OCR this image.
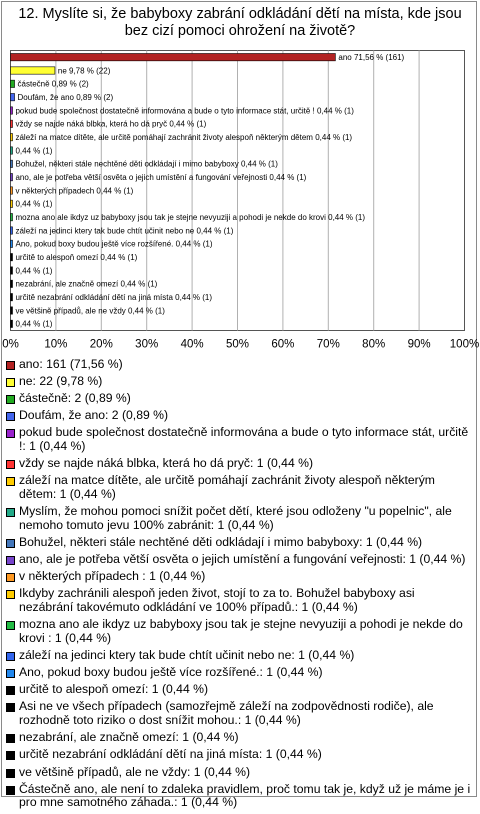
12. Myslíte si, že babyboxy zabrání odkládání dětí na místa, kde jsou
bez cizí pomoci ohrožení na životě?
ano 71,56 % (161)
ne 9,78 % (22)
částečně 0,89 % (2)
Doufám, že ano 0,89 % (2)
pokud bude společnost dostatečně informována a bude o tyto informace stát, určitě ! 0,44 % (1)
vždy se najde náká blbka, která ho dá pryč 0,44 % (1)
záleží na matce dítěte, ale určitě pomáhají zachránit životy alespoň některým dětem 0,44 % (1)
0,44 % (1)
Bohužel, některi stále nechtěné děti odkládají i mimo babyboxy 0,44 % (1)
ano, ale je potřeba větší osvěta o jejich umístění a fungování veřejnosti 0,44 % (1)
v některých případech 0,44 % (1)
0,44 % (1)
mozna ano ale ikdyz uz babyboxy jsou tak je stejne nevyuziji a pohodi je nekde do krovi 0,44 % (1)
záleží na jedinci ktery tak bude chtít učinit nebo ne 0,44 % (1)
Ano, pokud boxy budou ještě více rozšířené. 0,44 % (1)
určitě to alespoň omezí 0,44 % (1)
0,44 % (1)
nezabrání, ale značně omezí 0,44 % (1)
určitě nezabrání odkládání dětí na jiná místa 0,44 % (1)
ve většině případů, ale ne vždy 0,44 % (1)
0,44 % (1)
0% 10% 20% 30% 40% 50% 60% 70% 80% 90% 100%
ano: 161 (71,56 %)
ne: 22 (9,78 %)
částečně: 2 (0,89 %)
Doufám, že ano: 2 (0,89 %)
pokud bude společnost dostatečně informována a bude o tyto informace stát, určitě !: 1 (0,44 %)
vždy se najde náká blbka, která ho dá pryč: 1 (0,44 %)
záleží na matce dítěte, ale určitě pomáhají zachránit životy alespoň některým dětem: 1 (0,44 %)
Myslím, že mohou pomoci snížit počet dětí, které jsou odloženy "u popelnic", ale nemoho tomuto jevu 100% zabránit: 1 (0,44 %)
Bohužel, některi stále nechtěné děti odkládají i mimo babyboxy: 1 (0,44 %)
ano, ale je potřeba větší osvěta o jejich umístění a fungování veřejnosti: 1 (0,44 %)
v některých případech : 1 (0,44 %)
Ikdyby zachránili alespoň jeden život, stojí to za to. Bohužel babyboxy asi nezábrání takovémuto odkládání ve 100% případů.: 1 (0,44 %)
mozna ano ale ikdyz uz babyboxy jsou tak je stejne nevyuziji a pohodi je nekde do krovi : 1 (0,44 %)
záleží na jedinci ktery tak bude chtít učinit nebo ne: 1 (0,44 %)
Ano, pokud boxy budou ještě více rozšířené.: 1 (0,44 %)
určitě to alespoň omezí: 1 (0,44 %)
Asi ne ve všech případech (samozřejmě záleží na zodpovědnosti rodiče), ale rozhodně toto riziko o dost snížit mohou.: 1 (0,44 %)
nezabrání, ale značně omezí: 1 (0,44 %)
určitě nezabrání odkládání dětí na jiná místa: 1 (0,44 %)
ve většině případů, ale ne vždy: 1 (0,44 %)
Částečně ano, ale není to zdaleka pravidlem, proč tomu tak je, když už je máme je i pro mne samotného záhada.: 1 (0,44 %)
